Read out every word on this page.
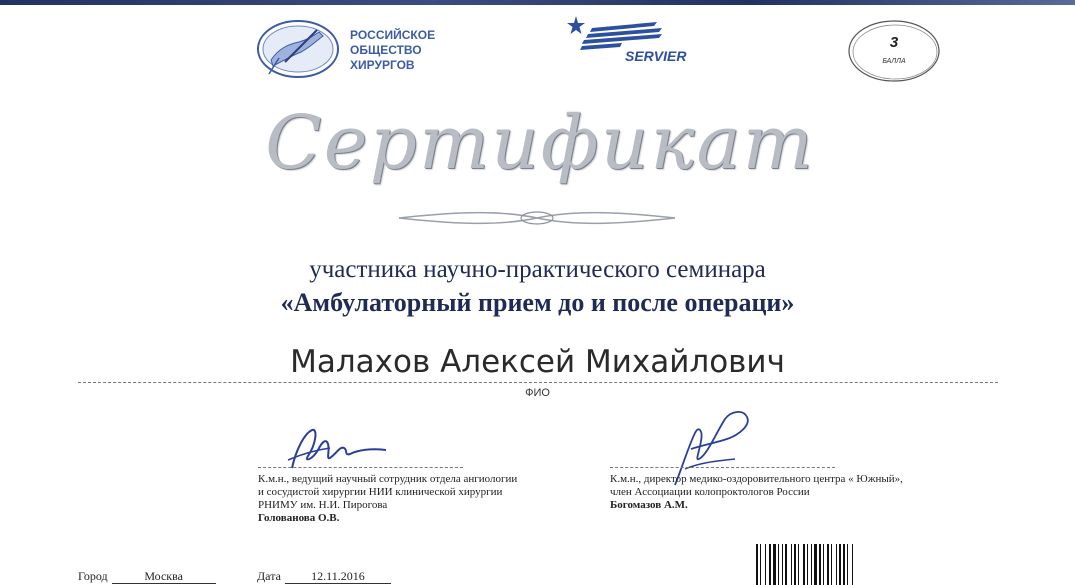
РОССИЙСКОЕ
ОБЩЕСТВО
ХИРУРГОВ
SERVIER
3
БАЛЛА
Сертификат
участника научно-практического семинара
«Амбулаторный прием до и после операци»
Малахов Алексей Михайлович
ФИО
К.м.н., ведущий научный сотрудник отдела ангиологии
и сосудистой хирургии НИИ клинической хирургии
РНИМУ им. Н.И. Пирогова
Голованова О.В.
К.м.н., директор медико-оздоровительного центра « Южный»,
член Ассоциации колопроктологов России
Богомазов А.М.
Город	Москва	Дата	12.11.2016
